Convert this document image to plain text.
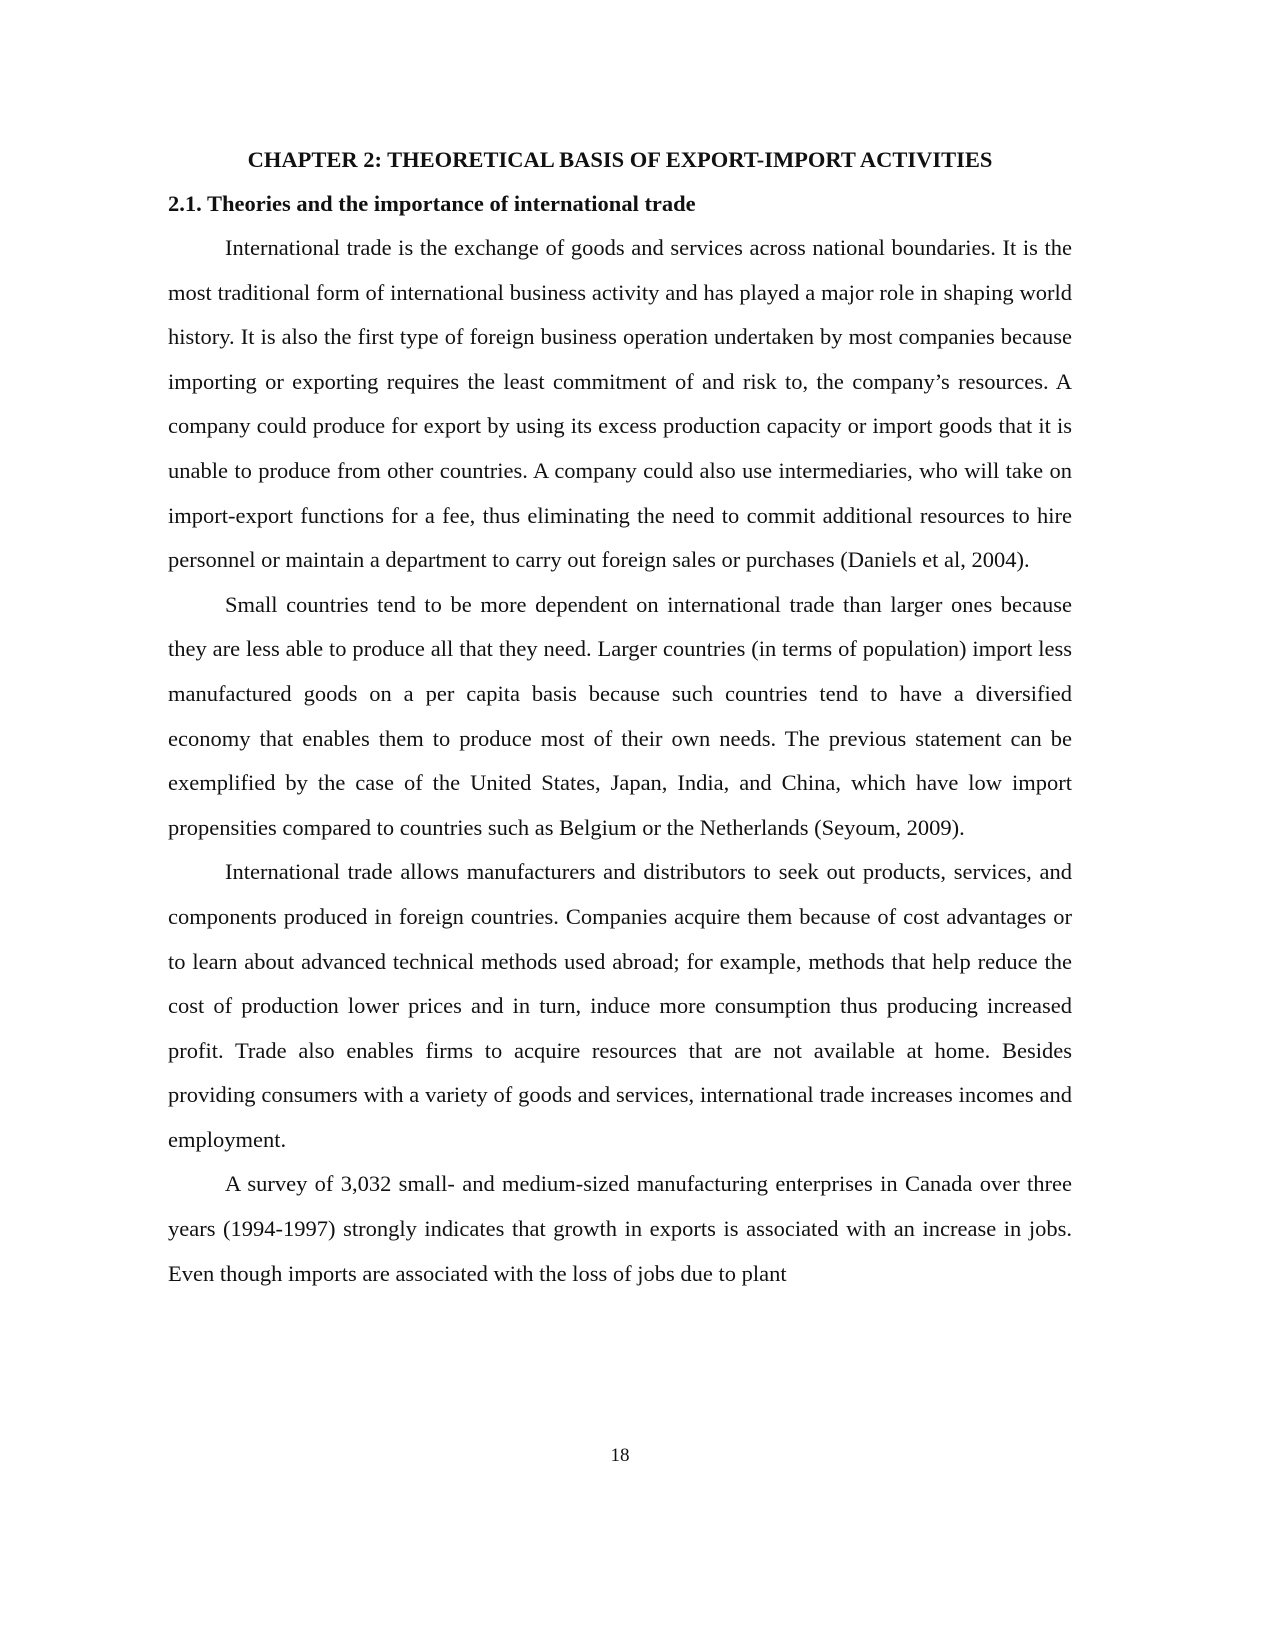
CHAPTER 2: THEORETICAL BASIS OF EXPORT-IMPORT ACTIVITIES
2.1. Theories and the importance of international trade

International trade is the exchange of goods and services across national boundaries. It is the most traditional form of international business activity and has played a major role in shaping world history. It is also the first type of foreign business operation undertaken by most companies because importing or exporting requires the least commitment of and risk to, the company’s resources. A company could produce for export by using its excess production capacity or import goods that it is unable to produce from other countries. A company could also use intermediaries, who will take on import-export functions for a fee, thus eliminating the need to commit additional resources to hire personnel or maintain a department to carry out foreign sales or purchases (Daniels et al, 2004).

Small countries tend to be more dependent on international trade than larger ones because they are less able to produce all that they need. Larger countries (in terms of population) import less manufactured goods on a per capita basis because such countries tend to have a diversified economy that enables them to produce most of their own needs. The previous statement can be exemplified by the case of the United States, Japan, India, and China, which have low import propensities compared to countries such as Belgium or the Netherlands (Seyoum, 2009).

International trade allows manufacturers and distributors to seek out products, services, and components produced in foreign countries. Companies acquire them because of cost advantages or to learn about advanced technical methods used abroad; for example, methods that help reduce the cost of production lower prices and in turn, induce more consumption thus producing increased profit. Trade also enables firms to acquire resources that are not available at home. Besides providing consumers with a variety of goods and services, international trade increases incomes and employment.

A survey of 3,032 small- and medium-sized manufacturing enterprises in Canada over three years (1994-1997) strongly indicates that growth in exports is associated with an increase in jobs. Even though imports are associated with the loss of jobs due to plant

18
